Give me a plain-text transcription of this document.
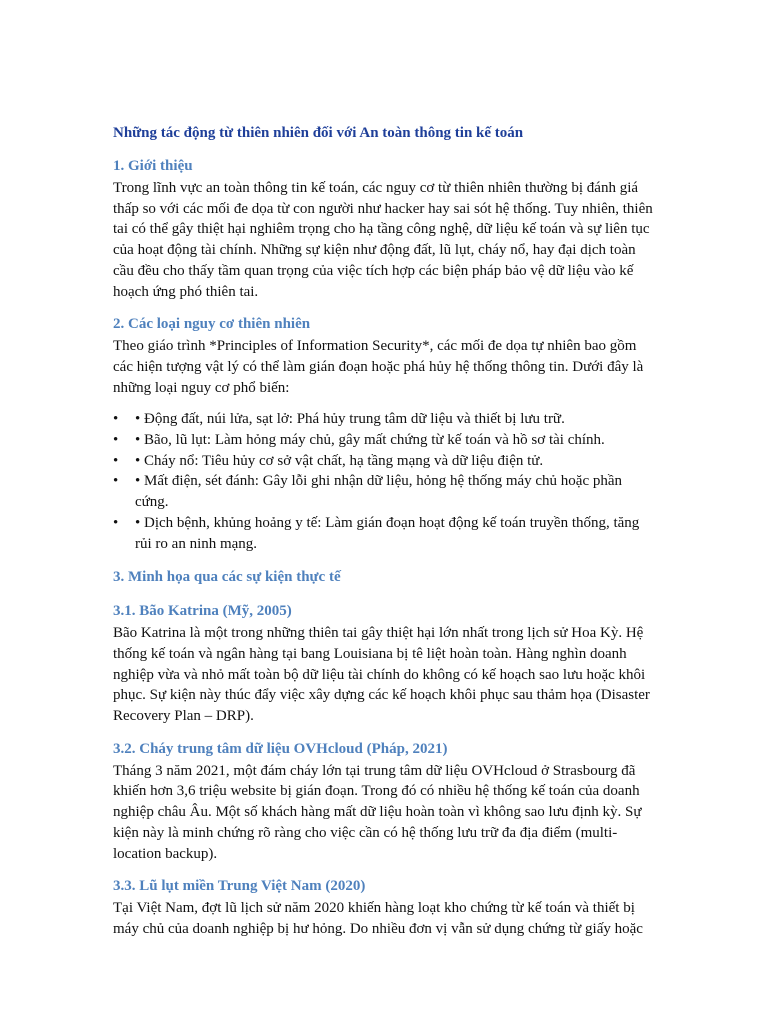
Những tác động từ thiên nhiên đối với An toàn thông tin kế toán
1. Giới thiệu
Trong lĩnh vực an toàn thông tin kế toán, các nguy cơ từ thiên nhiên thường bị đánh giá thấp so với các mối đe dọa từ con người như hacker hay sai sót hệ thống. Tuy nhiên, thiên tai có thể gây thiệt hại nghiêm trọng cho hạ tầng công nghệ, dữ liệu kế toán và sự liên tục của hoạt động tài chính. Những sự kiện như động đất, lũ lụt, cháy nổ, hay đại dịch toàn cầu đều cho thấy tầm quan trọng của việc tích hợp các biện pháp bảo vệ dữ liệu vào kế hoạch ứng phó thiên tai.
2. Các loại nguy cơ thiên nhiên
Theo giáo trình *Principles of Information Security*, các mối đe dọa tự nhiên bao gồm các hiện tượng vật lý có thể làm gián đoạn hoặc phá hủy hệ thống thông tin. Dưới đây là những loại nguy cơ phổ biến:
•	• Động đất, núi lửa, sạt lở: Phá hủy trung tâm dữ liệu và thiết bị lưu trữ.
•	• Bão, lũ lụt: Làm hỏng máy chủ, gây mất chứng từ kế toán và hồ sơ tài chính.
•	• Cháy nổ: Tiêu hủy cơ sở vật chất, hạ tầng mạng và dữ liệu điện tử.
•	• Mất điện, sét đánh: Gây lỗi ghi nhận dữ liệu, hỏng hệ thống máy chủ hoặc phần cứng.
•	• Dịch bệnh, khủng hoảng y tế: Làm gián đoạn hoạt động kế toán truyền thống, tăng rủi ro an ninh mạng.
3. Minh họa qua các sự kiện thực tế
3.1. Bão Katrina (Mỹ, 2005)
Bão Katrina là một trong những thiên tai gây thiệt hại lớn nhất trong lịch sử Hoa Kỳ. Hệ thống kế toán và ngân hàng tại bang Louisiana bị tê liệt hoàn toàn. Hàng nghìn doanh nghiệp vừa và nhỏ mất toàn bộ dữ liệu tài chính do không có kế hoạch sao lưu hoặc khôi phục. Sự kiện này thúc đẩy việc xây dựng các kế hoạch khôi phục sau thảm họa (Disaster Recovery Plan – DRP).
3.2. Cháy trung tâm dữ liệu OVHcloud (Pháp, 2021)
Tháng 3 năm 2021, một đám cháy lớn tại trung tâm dữ liệu OVHcloud ở Strasbourg đã khiến hơn 3,6 triệu website bị gián đoạn. Trong đó có nhiều hệ thống kế toán của doanh nghiệp châu Âu. Một số khách hàng mất dữ liệu hoàn toàn vì không sao lưu định kỳ. Sự kiện này là minh chứng rõ ràng cho việc cần có hệ thống lưu trữ đa địa điểm (multi-location backup).
3.3. Lũ lụt miền Trung Việt Nam (2020)
Tại Việt Nam, đợt lũ lịch sử năm 2020 khiến hàng loạt kho chứng từ kế toán và thiết bị máy chủ của doanh nghiệp bị hư hỏng. Do nhiều đơn vị vẫn sử dụng chứng từ giấy hoặc
